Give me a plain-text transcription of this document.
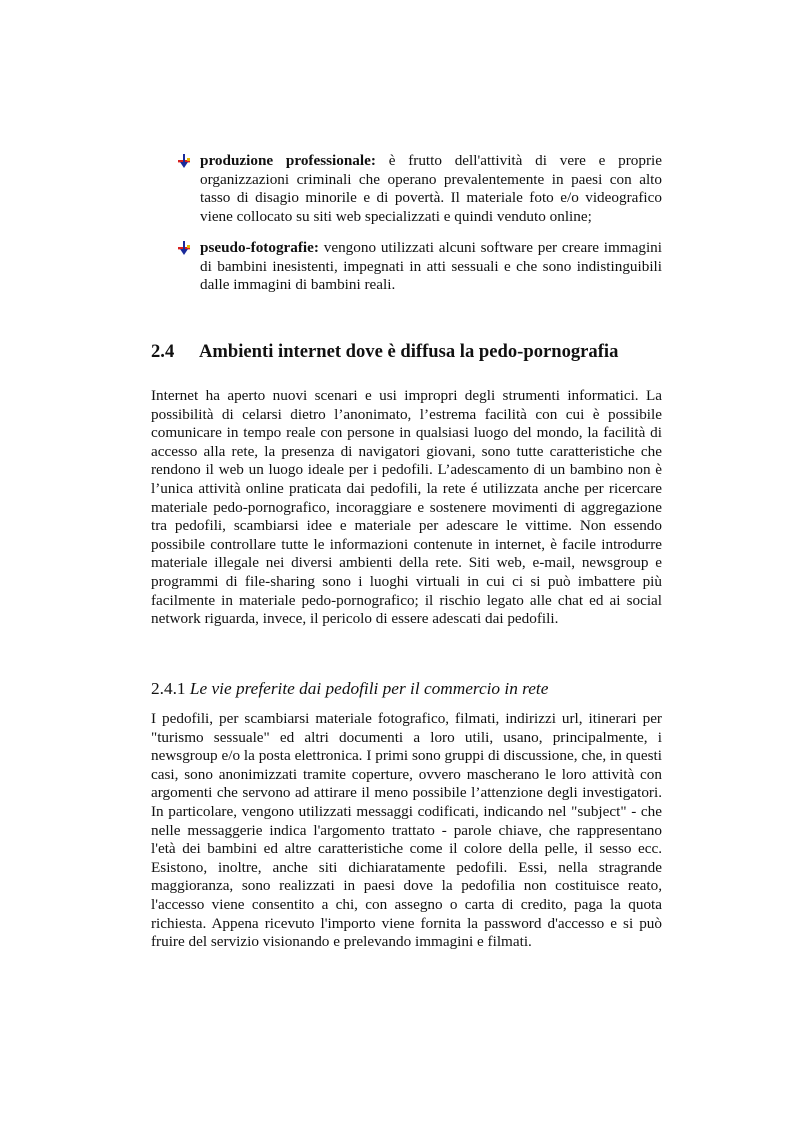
produzione professionale: è frutto dell'attività di vere e proprie organizzazioni criminali che operano prevalentemente in paesi con alto tasso di disagio minorile e di povertà. Il materiale foto e/o videografico viene collocato su siti web specializzati e quindi venduto online;
pseudo-fotografie: vengono utilizzati alcuni software per creare immagini di bambini inesistenti, impegnati in atti sessuali e che sono indistinguibili dalle immagini di bambini reali.
2.4 Ambienti internet dove è diffusa la pedo-pornografia

Internet ha aperto nuovi scenari e usi impropri degli strumenti informatici. La possibilità di celarsi dietro l’anonimato, l’estrema facilità con cui è possibile comunicare in tempo reale con persone in qualsiasi luogo del mondo, la facilità di accesso alla rete, la presenza di navigatori giovani, sono tutte caratteristiche che rendono il web un luogo ideale per i pedofili. L’adescamento di un bambino non è l’unica attività online praticata dai pedofili, la rete é utilizzata anche per ricercare materiale pedo-pornografico, incoraggiare e sostenere movimenti di aggregazione tra pedofili, scambiarsi idee e materiale per adescare le vittime. Non essendo possibile controllare tutte le informazioni contenute in internet, è facile introdurre materiale illegale nei diversi ambienti della rete. Siti web, e-mail, newsgroup e programmi di file-sharing sono i luoghi virtuali in cui ci si può imbattere più facilmente in materiale pedo-pornografico; il rischio legato alle chat ed ai social network riguarda, invece, il pericolo di essere adescati dai pedofili.

2.4.1 Le vie preferite dai pedofili per il commercio in rete

I pedofili, per scambiarsi materiale fotografico, filmati, indirizzi url, itinerari per "turismo sessuale" ed altri documenti a loro utili, usano, principalmente, i newsgroup e/o la posta elettronica. I primi sono gruppi di discussione, che, in questi casi, sono anonimizzati tramite coperture, ovvero mascherano le loro attività con argomenti che servono ad attirare il meno possibile l’attenzione degli investigatori. In particolare, vengono utilizzati messaggi codificati, indicando nel "subject" - che nelle messaggerie indica l'argomento trattato - parole chiave, che rappresentano l'età dei bambini ed altre caratteristiche come il colore della pelle, il sesso ecc. Esistono, inoltre, anche siti dichiaratamente pedofili. Essi, nella stragrande maggioranza, sono realizzati in paesi dove la pedofilia non costituisce reato, l'accesso viene consentito a chi, con assegno o carta di credito, paga la quota richiesta. Appena ricevuto l'importo viene fornita la password d'accesso e si può fruire del servizio visionando e prelevando immagini e filmati.
